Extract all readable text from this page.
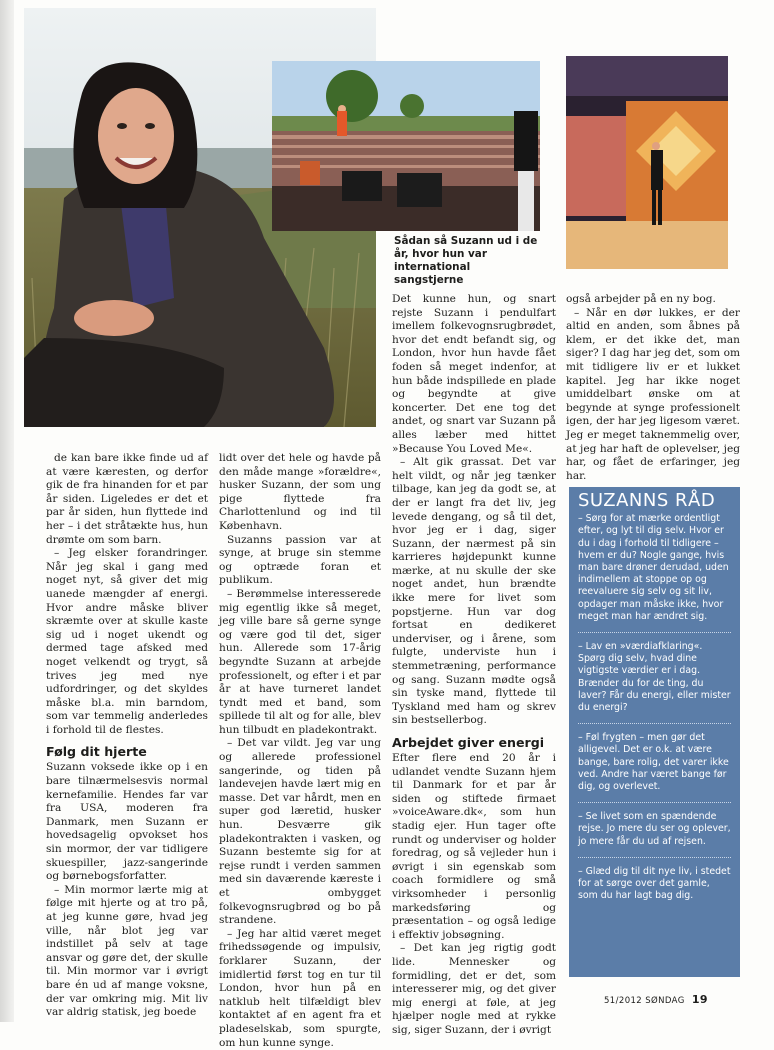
Sådan så Suzann ud i de år, hvor hun var international sangstjerne

de kan bare ikke finde ud af at være kæresten, og derfor gik de fra hinanden for et par år siden. Ligeledes er det et par år siden, hun flyttede ind her – i det stråtækte hus, hun drømte om som barn.

– Jeg elsker forandringer. Når jeg skal i gang med noget nyt, så giver det mig uanede mængder af energi. Hvor andre måske bliver skræmte over at skulle kaste sig ud i noget ukendt og dermed tage afsked med noget velkendt og trygt, så trives jeg med nye udfordringer, og det skyldes måske bl.a. min barndom, som var temmelig anderledes i forhold til de flestes.

Følg dit hjerte

Suzann voksede ikke op i en bare tilnærmelsesvis normal kernefamilie. Hendes far var fra USA, moderen fra Danmark, men Suzann er hovedsagelig opvokset hos sin mormor, der var tidligere skuespiller, jazz-sangerinde og børnebogsforfatter.

– Min mormor lærte mig at følge mit hjerte og at tro på, at jeg kunne gøre, hvad jeg ville, når blot jeg var indstillet på selv at tage ansvar og gøre det, der skulle til. Min mormor var i øvrigt bare én ud af mange voksne, der var omkring mig. Mit liv var aldrig statisk, jeg boede

lidt over det hele og havde på den måde mange »forældre«, husker Suzann, der som ung pige flyttede fra Charlottenlund og ind til København.

Suzanns passion var at synge, at bruge sin stemme og optræde foran et publikum.

– Berømmelse interesserede mig egentlig ikke så meget, jeg ville bare så gerne synge og være god til det, siger hun. Allerede som 17-årig begyndte Suzann at arbejde professionelt, og efter i et par år at have turneret landet tyndt med et band, som spillede til alt og for alle, blev hun tilbudt en pladekontrakt.

– Det var vildt. Jeg var ung og allerede professionel sangerinde, og tiden på landevejen havde lært mig en masse. Det var hårdt, men en super god læretid, husker hun. Desværre gik pladekontrakten i vasken, og Suzann bestemte sig for at rejse rundt i verden sammen med sin daværende kæreste i et ombygget folkevognsrugbrød og bo på strandene.

– Jeg har altid været meget frihedssøgende og impulsiv, forklarer Suzann, der imidlertid først tog en tur til London, hvor hun på en natklub helt tilfældigt blev kontaktet af en agent fra et pladeselskab, som spurgte, om hun kunne synge.

Det kunne hun, og snart rejste Suzann i pendulfart imellem folkevognsrugbrødet, hvor det endt befandt sig, og London, hvor hun havde fået foden så meget indenfor, at hun både indspillede en plade og begyndte at give koncerter. Det ene tog det andet, og snart var Suzann på alles læber med hittet »Because You Loved Me«.

– Alt gik grassat. Det var helt vildt, og når jeg tænker tilbage, kan jeg da godt se, at der er langt fra det liv, jeg levede dengang, og så til det, hvor jeg er i dag, siger Suzann, der nærmest på sin karrieres højdepunkt kunne mærke, at nu skulle der ske noget andet, hun brændte ikke mere for livet som popstjerne. Hun var dog fortsat en dedikeret underviser, og i årene, som fulgte, underviste hun i stemmetræning, performance og sang. Suzann mødte også sin tyske mand, flyttede til Tyskland med ham og skrev sin bestsellerbog.

Arbejdet giver energi

Efter flere end 20 år i udlandet vendte Suzann hjem til Danmark for et par år siden og stiftede firmaet »voiceAware.dk«, som hun stadig ejer. Hun tager ofte rundt og underviser og holder foredrag, og så vejleder hun i øvrigt i sin egenskab som coach formidlere og små virksomheder i personlig markedsføring og præsentation – og også ledige i effektiv jobsøgning.

– Det kan jeg rigtig godt lide. Mennesker og formidling, det er det, som interesserer mig, og det giver mig energi at føle, at jeg hjælper nogle med at rykke sig, siger Suzann, der i øvrigt

også arbejder på en ny bog.

– Når en dør lukkes, er der altid en anden, som åbnes på klem, er det ikke det, man siger? I dag har jeg det, som om mit tidligere liv er et lukket kapitel. Jeg har ikke noget umiddelbart ønske om at begynde at synge professionelt igen, der har jeg ligesom været. Jeg er meget taknemmelig over, at jeg har haft de oplevelser, jeg har, og fået de erfaringer, jeg har.

SUZANNS RÅD

– Sørg for at mærke ordentligt efter, og lyt til dig selv. Hvor er du i dag i forhold til tidligere – hvem er du? Nogle gange, hvis man bare drøner derudad, uden indimellem at stoppe op og reevaluere sig selv og sit liv, opdager man måske ikke, hvor meget man har ændret sig.

– Lav en »værdiafklaring«. Spørg dig selv, hvad dine vigtigste værdier er i dag. Brænder du for de ting, du laver? Får du energi, eller mister du energi?

– Føl frygten – men gør det alligevel. Det er o.k. at være bange, bare rolig, det varer ikke ved. Andre har været bange før dig, og overlevet.

– Se livet som en spændende rejse. Jo mere du ser og oplever, jo mere får du ud af rejsen.

– Glæd dig til dit nye liv, i stedet for at sørge over det gamle, som du har lagt bag dig.

51/2012 SØNDAG 19
